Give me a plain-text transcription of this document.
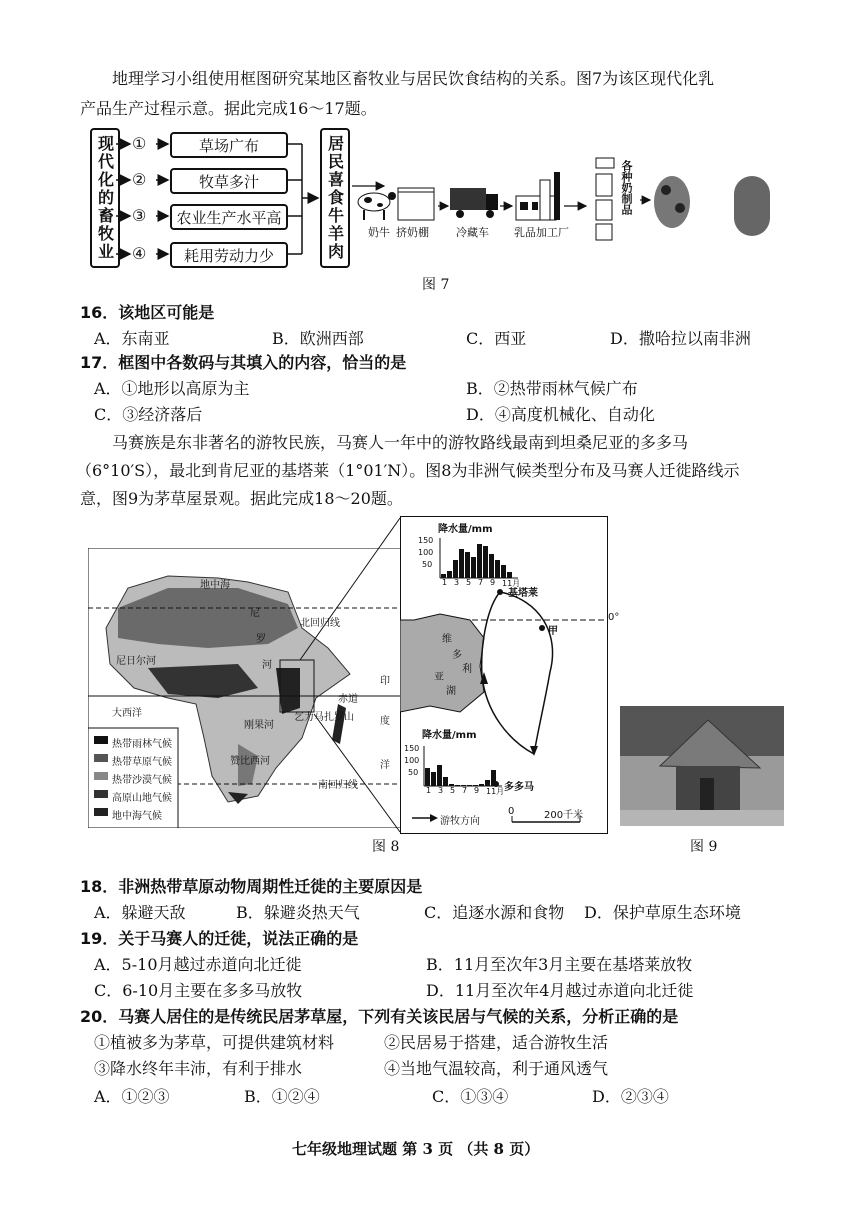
地理学习小组使用框图研究某地区畜牧业与居民饮食结构的关系。图7为该区现代化乳
产品生产过程示意。据此完成16～17题。
现代化的畜牧业	①
②
③
④
草场广布
牧草多汁
农业生产水平高
耗用劳动力少	居民喜食牛羊肉	奶牛 挤奶棚 冷藏车 乳品加工厂
各种奶制品
图 7
16．该地区可能是
A．东南亚	B．欧洲西部	C．西亚	D．撒哈拉以南非洲
17．框图中各数码与其填入的内容，恰当的是
A．①地形以高原为主	B．②热带雨林气候广布
C．③经济落后	D．④高度机械化、自动化
马赛族是东非著名的游牧民族，马赛人一年中的游牧路线最南到坦桑尼亚的多多马
（6°10′S），最北到肯尼亚的基塔莱（1°01′N）。图8为非洲气候类型分布及马赛人迁徙路线示
意，图9为茅草屋景观。据此完成18～20题。
地中海
尼
罗
河
北回归线
尼日尔河
赤道
大西洋
刚果河
乞力马扎罗山
赞比西河
南回归线
印
度
洋
热带雨林气候
热带草原气候
热带沙漠气候
高原山地气候
地中海气候
降水量/mm
150
100
50
1 3 5 7 9 11月
降水量/mm
150
100
50
1 3 5 7 9 11月
基塔莱
多多马
甲
0°
维
多
利
亚
湖
游牧方向
0	200千米
图 8	图 9
18．非洲热带草原动物周期性迁徙的主要原因是
A．躲避天敌	B．躲避炎热天气	C．追逐水源和食物 D．保护草原生态环境
19．关于马赛人的迁徙，说法正确的是
A．5-10月越过赤道向北迁徙	B．11月至次年3月主要在基塔莱放牧
C．6-10月主要在多多马放牧	D．11月至次年4月越过赤道向北迁徙
20．马赛人居住的是传统民居茅草屋，下列有关该民居与气候的关系，分析正确的是
①植被多为茅草，可提供建筑材料	②民居易于搭建，适合游牧生活
③降水终年丰沛，有利于排水	④当地气温较高，利于通风透气
A．①②③	B．①②④	C．①③④	D．②③④
七年级地理试题 第 3 页 （共 8 页）
